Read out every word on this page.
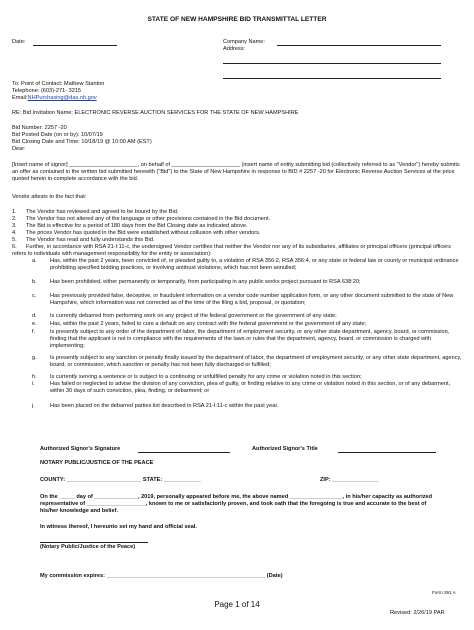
STATE OF NEW HAMPSHIRE BID TRANSMITTAL LETTER
Date:	Company Name:
Address:
To: Point of Contact: Mathew Stanton
Telephone: (603)-271- 3215
Email:NHPurchasing@das.nh.gov
RE: Bid Invitation Name: ELECTRONIC REVERSE AUCTION SERVICES FOR THE STATE OF NEW HAMPSHIRE
Bid Number: 2257 -20
Bid Posted Date (on or by): 10/07/19
Bid Closing Date and Time: 10/18/19 @ 10:00 AM (EST)
Dear:
[Insert name of signor] ______________________, on behalf of ______________________ (insert name of entity submitting bid (collectively referred to as "Vendor") hereby submits an offer as contained in the written bid submitted herewith ("Bid") to the State of New Hampshire in response to BID # 2257 -20 for Electronic Reverse Auction Services at the price quoted herein in complete accordance with the bid.
Vendor attests to the fact that:
1. The Vendor has reviewed and agreed to be bound by the Bid.
2. The Vendor has not altered any of the language or other provisions contained in the Bid document.
3. The Bid is effective for a period of 180 days from the Bid Closing date as indicated above.
4. The prices Vendor has quoted in the Bid were established without collusion with other vendors.
5. The Vendor has read and fully understands this Bid.
6. Further, in accordance with RSA 21-I:11-c, the undersigned Vendor certifies that neither the Vendor nor any of its subsidiaries, affiliates or principal officers (principal officers refers to individuals with management responsibility for the entity or association):
a. Has, within the past 2 years, been convicted of, or pleaded guilty to, a violation of RSA 356:2, RSA 356:4, or any state or federal law or county or municipal ordinance prohibiting specified bidding practices, or involving antitrust violations, which has not been annulled;
b. Has been prohibited, either permanently or temporarily, from participating in any public works project pursuant to RSA 638:20;
c. Has previously provided false, deceptive, or fraudulent information on a vendor code number application form, or any other document submitted to the state of New Hampshire, which information was not corrected as of the time of the filing a bid, proposal, or quotation;
d. Is currently debarred from performing work on any project of the federal government or the government of any state;
e. Has, within the past 2 years, failed to cure a default on any contract with the federal government or the government of any state;
f.	Is presently subject to any order of the department of labor, the department of employment security, or any other state department, agency, board, or commission, finding that the applicant is not in compliance with the requirements of the laws or rules that the department, agency, board, or commission is charged with implementing;
g. Is presently subject to any sanction or penalty finally issued by the department of labor, the department of employment security, or any other state department, agency, board, or commission, which sanction or penalty has not been fully discharged or fulfilled;
h. Is currently serving a sentence or is subject to a continuing or unfulfilled penalty for any crime or violation noted in this section;
i.	Has failed or neglected to advise the division of any conviction, plea of guilty, or finding relative to any crime or violation noted in this section, or of any debarment, within 30 days of such conviction, plea, finding, or debarment; or
j.	Has been placed on the debarred parties list described in RSA 21-I:11-c within the past year.
Authorized Signor's Signature	Authorized Signor's Title
NOTARY PUBLIC/JUSTICE OF THE PEACE
COUNTY: ________________________ STATE: ____________	ZIP: _______________
On the _____ day of ______________, 2019, personally appeared before me, the above named _________________, in his/her capacity as authorized representative of ___________________, known to me or satisfactorily proven, and took oath that the foregoing is true and accurate to the best of his/her knowledge and belief.
In witness thereof, I hereunto set my hand and official seal.
(Notary Public/Justice of the Peace)
My commission expires: ___________________________________________________ (Date)
Form 391 A
Page 1 of 14
Revised: 2/26/19 PAR
